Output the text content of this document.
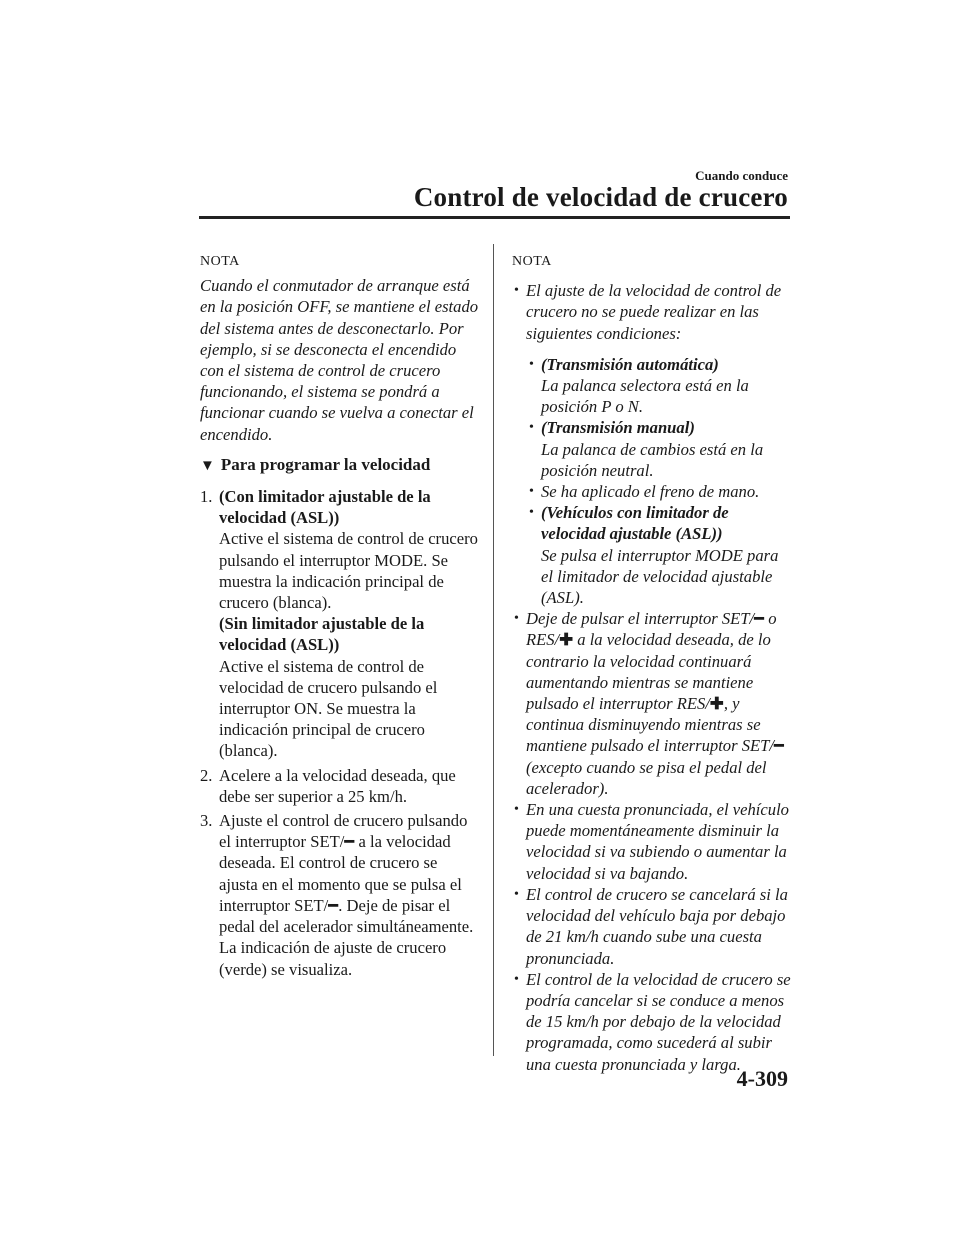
Cuando conduce
Control de velocidad de crucero
NOTA
Cuando el conmutador de arranque está en la posición OFF, se mantiene el estado del sistema antes de desconectarlo. Por ejemplo, si se desconecta el encendido con el sistema de control de crucero funcionando, el sistema se pondrá a funcionar cuando se vuelva a conectar el encendido.
▼ Para programar la velocidad
1. (Con limitador ajustable de la velocidad (ASL))
Active el sistema de control de crucero pulsando el interruptor MODE. Se muestra la indicación principal de crucero (blanca).
(Sin limitador ajustable de la velocidad (ASL))
Active el sistema de control de velocidad de crucero pulsando el interruptor ON. Se muestra la indicación principal de crucero (blanca).
2. Acelere a la velocidad deseada, que debe ser superior a 25 km/h.
3. Ajuste el control de crucero pulsando el interruptor SET/━ a la velocidad deseada. El control de crucero se ajusta en el momento que se pulsa el interruptor SET/━. Deje de pisar el pedal del acelerador simultáneamente. La indicación de ajuste de crucero (verde) se visualiza.
NOTA
• El ajuste de la velocidad de control de crucero no se puede realizar en las siguientes condiciones:
• (Transmisión automática)
La palanca selectora está en la posición P o N.
• (Transmisión manual)
La palanca de cambios está en la posición neutral.
• Se ha aplicado el freno de mano.
• (Vehículos con limitador de velocidad ajustable (ASL))
Se pulsa el interruptor MODE para el limitador de velocidad ajustable (ASL).
• Deje de pulsar el interruptor SET/━ o RES/✚ a la velocidad deseada, de lo contrario la velocidad continuará aumentando mientras se mantiene pulsado el interruptor RES/✚, y continua disminuyendo mientras se mantiene pulsado el interruptor SET/━ (excepto cuando se pisa el pedal del acelerador).
• En una cuesta pronunciada, el vehículo puede momentáneamente disminuir la velocidad si va subiendo o aumentar la velocidad si va bajando.
• El control de crucero se cancelará si la velocidad del vehículo baja por debajo de 21 km/h cuando sube una cuesta pronunciada.
• El control de la velocidad de crucero se podría cancelar si se conduce a menos de 15 km/h por debajo de la velocidad programada, como sucederá al subir una cuesta pronunciada y larga.
4-309
